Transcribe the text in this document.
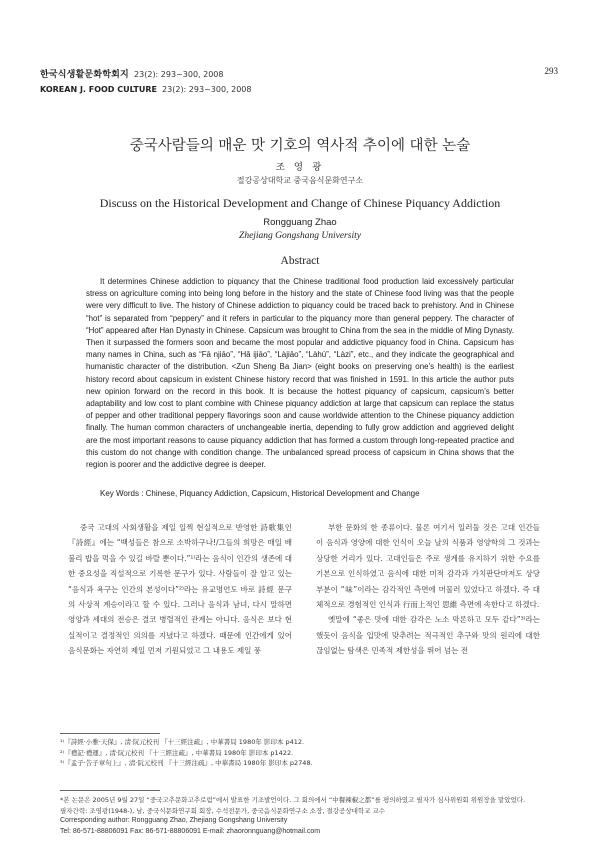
한국식생활문화학회지 23(2): 293~300, 2008
KOREAN J. FOOD CULTURE 23(2): 293~300, 2008
293
중국사람들의 매운 맛 기호의 역사적 추이에 대한 논술
조 영 광
절강공상대학교 중국음식문화연구소
Discuss on the Historical Development and Change of Chinese Piquancy Addiction
Rongguang Zhao
Zhejiang Gongshang University
Abstract
It determines Chinese addiction to piquancy that the Chinese traditional food production laid excessively particular stress on agriculture coming into being long before in the history and the state of Chinese food living was that the people were very difficult to live. The history of Chinese addiction to piquancy could be traced back to prehistory. And in Chinese “hot” is separated from “peppery” and it refers in particular to the piquancy more than general peppery. The character of “Hot” appeared after Han Dynasty in Chinese. Capsicum was brought to China from the sea in the middle of Ming Dynasty. Then it surpassed the formers soon and became the most popular and addictive piquancy food in China. Capsicum has many names in China, such as “Fā njiāo”, “Hǎ ijiāo”, “Làjiāo”, “Làhú”, “Làzi”, etc., and they indicate the geographical and humanistic character of the distribution. <Zun Sheng Ba Jian> (eight books on preserving one’s health) is the earliest history record about capsicum in existent Chinese history record that was finished in 1591. In this article the author puts new opinion forward on the record in this book. It is because the hottest piquancy of capsicum, capsicum’s better adaptability and low cost to plant combine with Chinese piquancy addiction at large that capsicum can replace the status of pepper and other traditional peppery flavorings soon and cause worldwide attention to the Chinese piquancy addiction finally. The human common characters of unchangeable inertia, depending to fully grow addiction and aggrieved delight are the most important reasons to cause piquancy addiction that has formed a custom through long-repeated practice and this custom do not change with condition change. The unbalanced spread process of capsicum in China shows that the region is poorer and the addictive degree is deeper.
Key Words : Chinese, Piquancy Addiction, Capsicum, Historical Development and Change

중국 고대의 사회생활을 제일 일찍 현실적으로 반영한 詩歌集인 『詩經』에는 “백성들은 참으로 소박하구나!/그들의 희망은 매일 배불리 밥을 먹을 수 있길 바랄 뿐이다.”¹⁾라는 음식이 인간의 생존에 대한 중요성을 직설적으로 기록한 문구가 있다. 사람들이 잘 알고 있는 “음식과 욕구는 인간의 본성이다”²⁾라는 유교명언도 바로 詩經 문구의 사상적 계승이라고 할 수 있다. 그러나 음식과 남녀, 다시 말하면 영양과 세대의 전승은 결코 병렬적인 관계는 아니다. 음식은 보다 현실적이고 결정적인 의의를 지녔다고 하겠다. 때문에 인간에게 있어 음식문화는 자연히 제일 먼저 기원되었고 그 내용도 제일 풍

부한 문화의 한 종류이다. 물론 여기서 일러둘 것은 고대 인간들이 음식과 영양에 대한 인식이 오늘 날의 식품과 영양학의 그 것과는 상당한 거리가 있다. 고대인들은 주로 생계를 유지하기 위한 수요를 기본으로 인식하였고 음식에 대한 미적 감각과 가치판단마저도 상당부분이 “味”이라는 감각적인 측면에 머물러 있었다고 하겠다. 즉 대체적으로 경험적인 인식과 行而上적인 思維 측면에 속한다고 하겠다.

옛말에 “좋은 맛에 대한 감각은 노소 막론하고 모두 같다”³⁾라는 했듯이 음식을 입맛에 맞추려는 적극적인 추구와 맛의 원리에 대한 끊임없는 탐색은 민족적 제한성을 뛰어 넘는 전

¹⁾『詩經·小雅·天保』, 淸·阮元校刊 『十三經注疏』, 中華書局 1980年 影印本 p412.
²⁾『禮記·禮運』, 淸·阮元校刊 『十三經注疏』, 中華書局 1980年 影印本 p1422.
³⁾『孟子·告子章句上』, 淸·阮元校刊 『十三經注疏』, 中華書局 1980年 影印本 p2748.
*본 논문은 2005년 9월 27일 “중국고추문화고추로럼”에서 발표한 기조발언이다. 그 회의에서 “中餐辣椒之都”를 평의하였고 필자가 심사위원회 위원장을 맡았었다.
필자간력: 조영광(1948-), 남, 중국식문화연구회 회장, 수석전문가, 중국음식문화연구소 소장, 절강공상대학교 교수
Corresponding author: Rongguang Zhao, Zhejiang Gongshang University
Tel: 86-571-88806091 Fax: 86-571-88806091 E-mail: zhaoronnguang@hotmail.com
